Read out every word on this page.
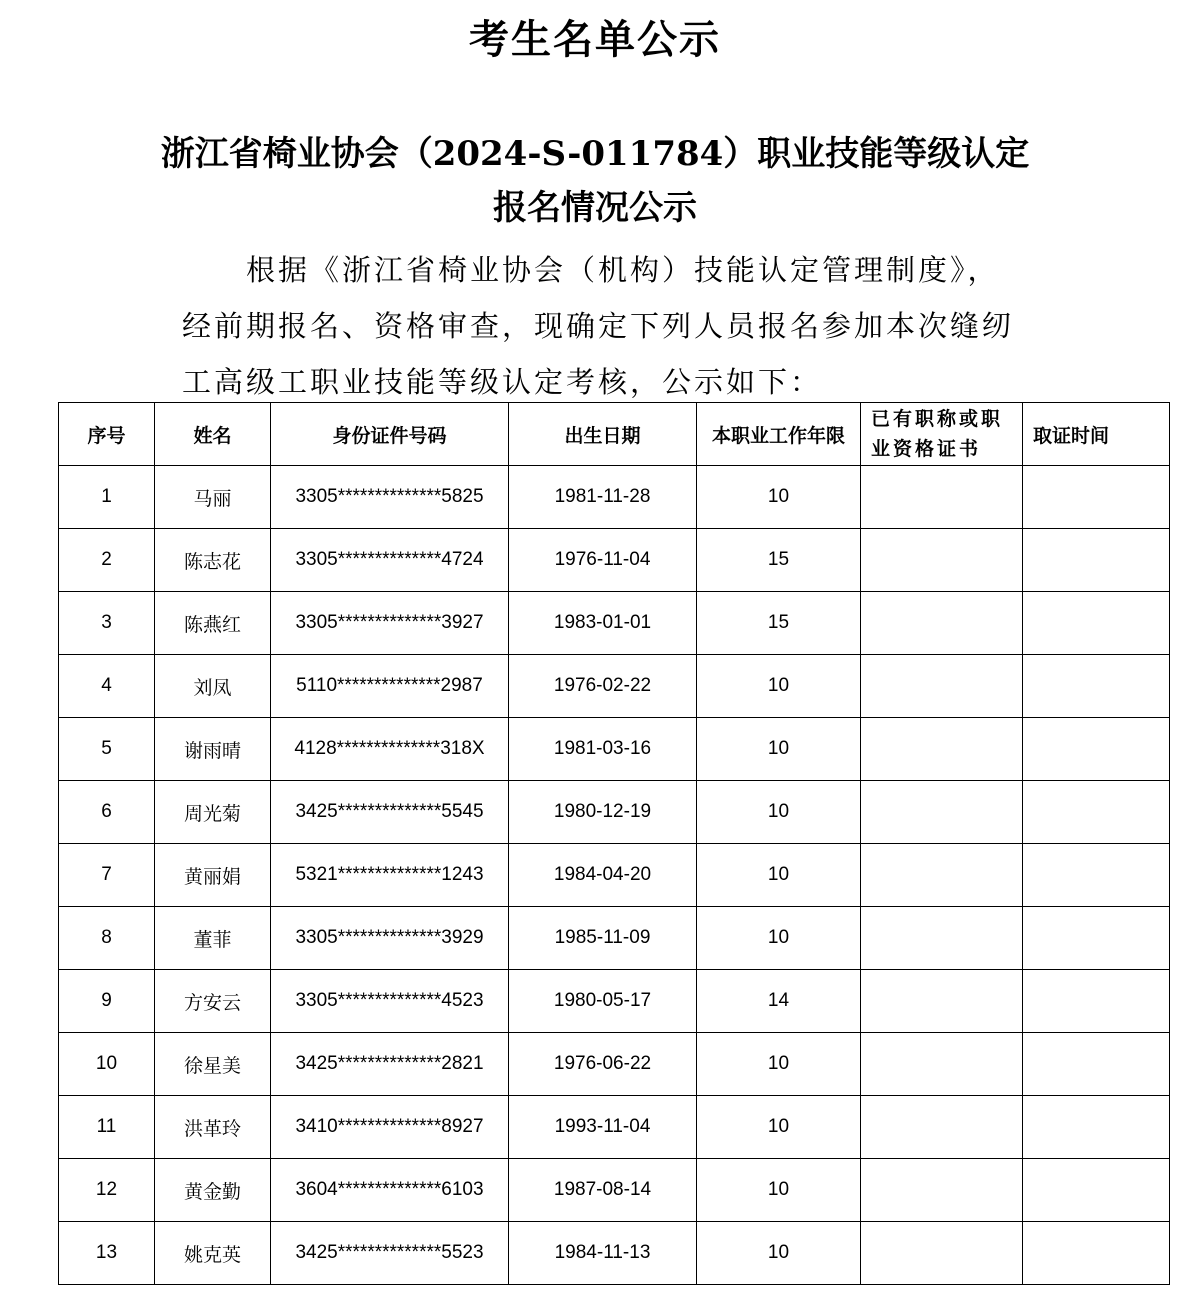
考生名单公示
浙江省椅业协会（2024-S-011784）职业技能等级认定
报名情况公示
根据《浙江省椅业协会（机构）技能认定管理制度》，
经前期报名、资格审查，现确定下列人员报名参加本次缝纫
工高级工职业技能等级认定考核，公示如下：
序号	姓名	身份证件号码	出生日期	本职业工作年限	已有职称或职业资格证书	取证时间
1	马丽	3305**************5825	1981-11-28	10		
2	陈志花	3305**************4724	1976-11-04	15		
3	陈燕红	3305**************3927	1983-01-01	15		
4	刘凤	5110**************2987	1976-02-22	10		
5	谢雨晴	4128**************318X	1981-03-16	10		
6	周光菊	3425**************5545	1980-12-19	10		
7	黄丽娟	5321**************1243	1984-04-20	10		
8	董菲	3305**************3929	1985-11-09	10		
9	方安云	3305**************4523	1980-05-17	14		
10	徐星美	3425**************2821	1976-06-22	10		
11	洪革玲	3410**************8927	1993-11-04	10		
12	黄金勤	3604**************6103	1987-08-14	10		
13	姚克英	3425**************5523	1984-11-13	10		
